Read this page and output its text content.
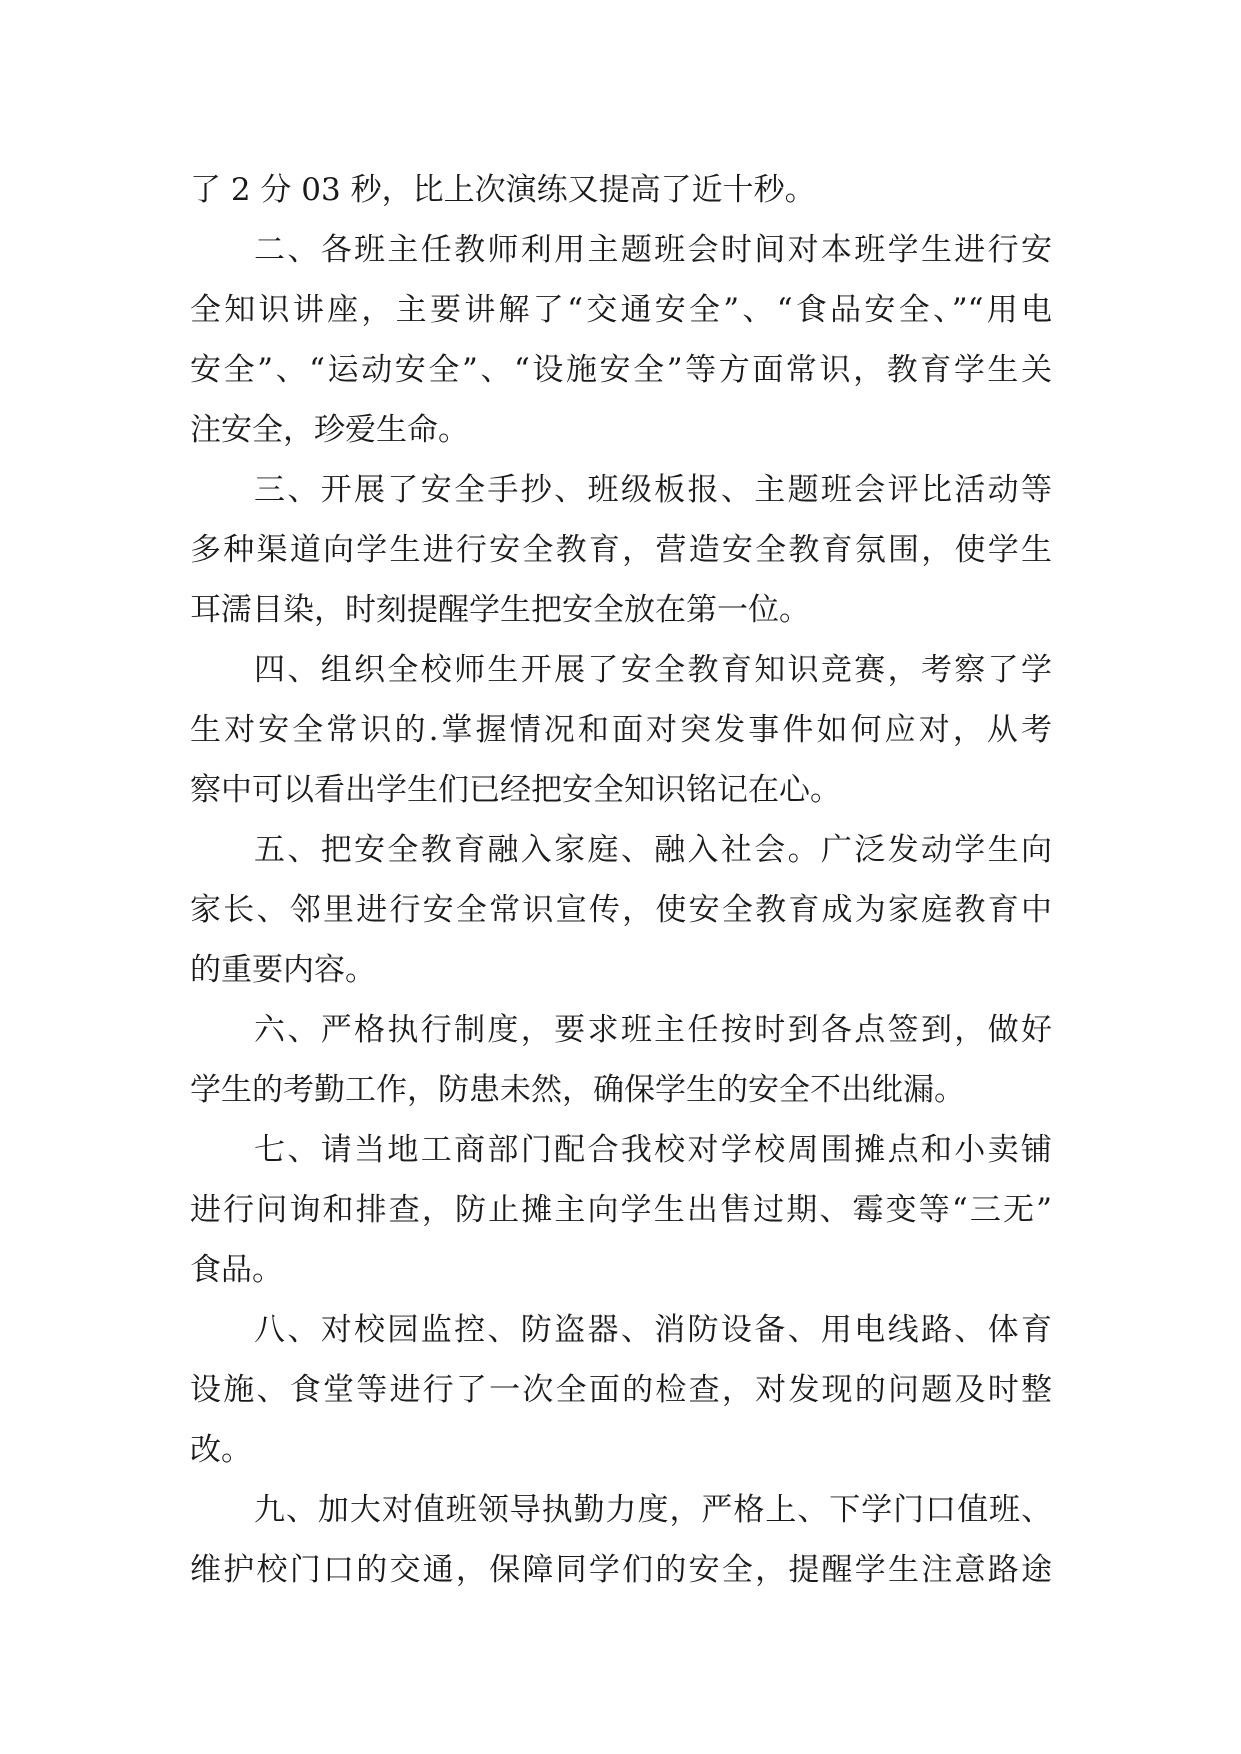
了 2 分 03 秒，比上次演练又提高了近十秒。
二、各班主任教师利用主题班会时间对本班学生进行安
全知识讲座，主要讲解了“交通安全”、“食品安全、”“用电
安全”、“运动安全”、“设施安全”等方面常识，教育学生关
注安全，珍爱生命。
三、开展了安全手抄、班级板报、主题班会评比活动等
多种渠道向学生进行安全教育，营造安全教育氛围，使学生
耳濡目染，时刻提醒学生把安全放在第一位。
四、组织全校师生开展了安全教育知识竞赛，考察了学
生对安全常识的.掌握情况和面对突发事件如何应对，从考
察中可以看出学生们已经把安全知识铭记在心。
五、把安全教育融入家庭、融入社会。广泛发动学生向
家长、邻里进行安全常识宣传，使安全教育成为家庭教育中
的重要内容。
六、严格执行制度，要求班主任按时到各点签到，做好
学生的考勤工作，防患未然，确保学生的安全不出纰漏。
七、请当地工商部门配合我校对学校周围摊点和小卖铺
进行问询和排查，防止摊主向学生出售过期、霉变等“三无”
食品。
八、对校园监控、防盗器、消防设备、用电线路、体育
设施、食堂等进行了一次全面的检查，对发现的问题及时整
改。
九、加大对值班领导执勤力度，严格上、下学门口值班、
维护校门口的交通，保障同学们的安全，提醒学生注意路途
